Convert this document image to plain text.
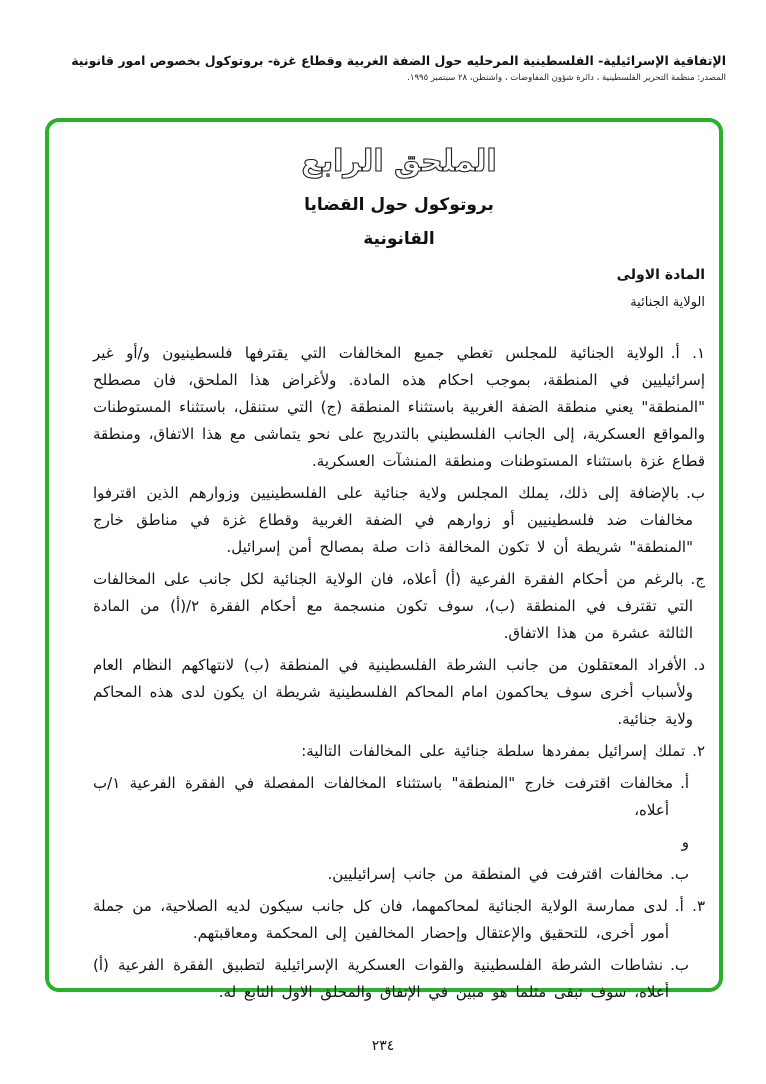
الإتفاقية الإسرائيلية- الفلسطينية المرحليه حول الضفة الغربية وقطاع غزة- بروتوكول بخصوص امور قانونية
المصدر: منظمة التحرير الفلسطينية ، دائرة شؤون المفاوضات ، واشنطن، ٢٨ سبتمبر ١٩٩٥.
الملحق الرابع
بروتوكول حول القضايا
القانونية
المادة الاولى
الولاية الجنائية
١. أ.الولاية الجنائية للمجلس تغطي جميع المخالفات التي يقترفها فلسطينيون و/أو غير إسرائيليين في المنطقة، بموجب احكام هذه المادة. ولأغراض هذا الملحق، فان مصطلح "المنطقة" يعني منطقة الضفة الغربية باستثناء المنطقة (ج) التي ستنقل، باستثناء المستوطنات والمواقع العسكرية، إلى الجانب الفلسطيني بالتدريج على نحو يتماشى مع هذا الاتفاق، ومنطقة قطاع غزة باستثناء المستوطنات ومنطقة المنشآت العسكرية.
ب.بالإضافة إلى ذلك، يملك المجلس ولاية جنائية على الفلسطينيين وزوارهم الذين اقترفوا مخالفات ضد فلسطينيين أو زوارهم في الضفة الغربية وقطاع غزة في مناطق خارج "المنطقة" شريطة أن لا تكون المخالفة ذات صلة بمصالح أمن إسرائيل.
ج.بالرغم من أحكام الفقرة الفرعية (أ) أعلاه، فان الولاية الجنائية لكل جانب على المخالفات التي تقترف في المنطقة (ب)، سوف تكون منسجمة مع أحكام الفقرة ٢/(أ) من المادة الثالثة عشرة من هذا الاتفاق.
د.الأفراد المعتقلون من جانب الشرطة الفلسطينية في المنطقة (ب) لانتهاكهم النظام العام ولأسباب أخرى سوف يحاكمون امام المحاكم الفلسطينية شريطة ان يكون لدى هذه المحاكم ولاية جنائية.
٢.تملك إسرائيل بمفردها سلطة جنائية على المخالفات التالية:
أ.مخالفات اقترفت خارج "المنطقة" باستثناء المخالفات المفصلة في الفقرة الفرعية ١/ب أعلاه،
و
ب.مخالفات اقترفت في المنطقة من جانب إسرائيليين.
٣. أ.لدى ممارسة الولاية الجنائية لمحاكمهما، فان كل جانب سيكون لديه الصلاحية، من جملة أمور أخرى، للتحقيق والإعتقال وإحضار المخالفين إلى المحكمة ومعاقبتهم.
ب.نشاطات الشرطة الفلسطينية والقوات العسكرية الإسرائيلية لتطبيق الفقرة الفرعية (أ) أعلاه، سوف تبقى مثلما هو مبين في الإتفاق والمحلق الاول التابع له.
٢٣٤
